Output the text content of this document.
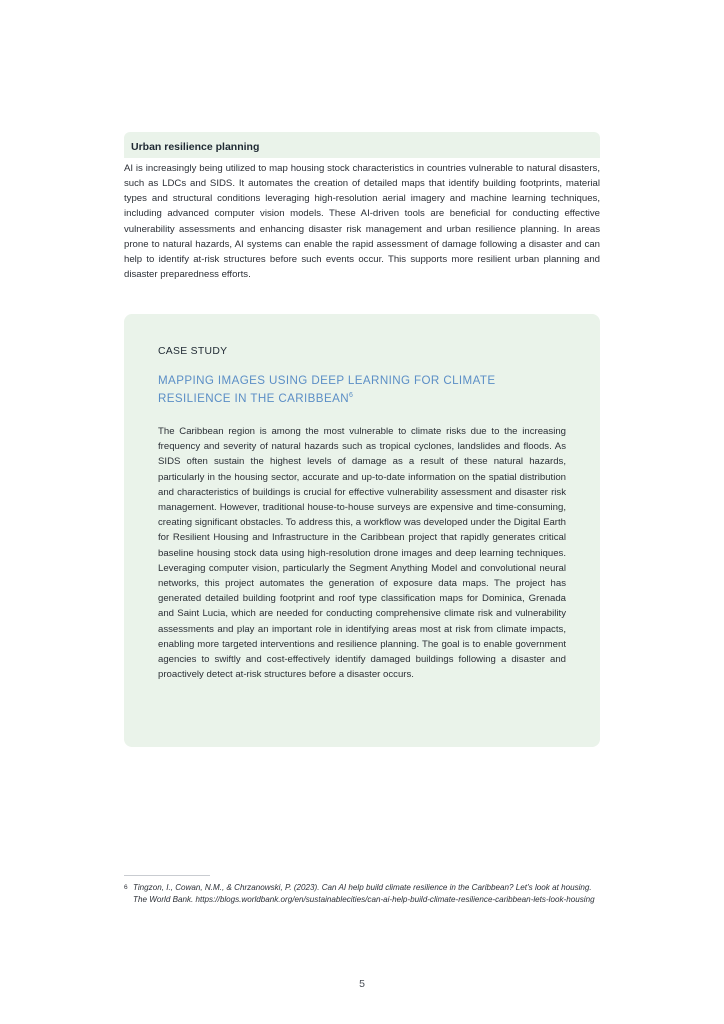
Urban resilience planning

AI is increasingly being utilized to map housing stock characteristics in countries vulnerable to natural disasters, such as LDCs and SIDS. It automates the creation of detailed maps that identify building footprints, material types and structural conditions leveraging high-resolution aerial imagery and machine learning techniques, including advanced computer vision models. These AI-driven tools are beneficial for conducting effective vulnerability assessments and enhancing disaster risk management and urban resilience planning. In areas prone to natural hazards, AI systems can enable the rapid assessment of damage following a disaster and can help to identify at-risk structures before such events occur. This supports more resilient urban planning and disaster preparedness efforts.

CASE STUDY

MAPPING IMAGES USING DEEP LEARNING FOR CLIMATE RESILIENCE IN THE CARIBBEAN$^6$

The Caribbean region is among the most vulnerable to climate risks due to the increasing frequency and severity of natural hazards such as tropical cyclones, landslides and floods. As SIDS often sustain the highest levels of damage as a result of these natural hazards, particularly in the housing sector, accurate and up-to-date information on the spatial distribution and characteristics of buildings is crucial for effective vulnerability assessment and disaster risk management. However, traditional house-to-house surveys are expensive and time-consuming, creating significant obstacles. To address this, a workflow was developed under the Digital Earth for Resilient Housing and Infrastructure in the Caribbean project that rapidly generates critical baseline housing stock data using high-resolution drone images and deep learning techniques. Leveraging computer vision, particularly the Segment Anything Model and convolutional neural networks, this project automates the generation of exposure data maps. The project has generated detailed building footprint and roof type classification maps for Dominica, Grenada and Saint Lucia, which are needed for conducting comprehensive climate risk and vulnerability assessments and play an important role in identifying areas most at risk from climate impacts, enabling more targeted interventions and resilience planning. The goal is to enable government agencies to swiftly and cost-effectively identify damaged buildings following a disaster and proactively detect at-risk structures before a disaster occurs.

6 Tingzon, I., Cowan, N.M., & Chrzanowski, P. (2023). Can AI help build climate resilience in the Caribbean? Let’s look at housing. The World Bank. https://blogs.worldbank.org/en/sustainablecities/can-ai-help-build-climate-resilience-caribbean-lets-look-housing
5
